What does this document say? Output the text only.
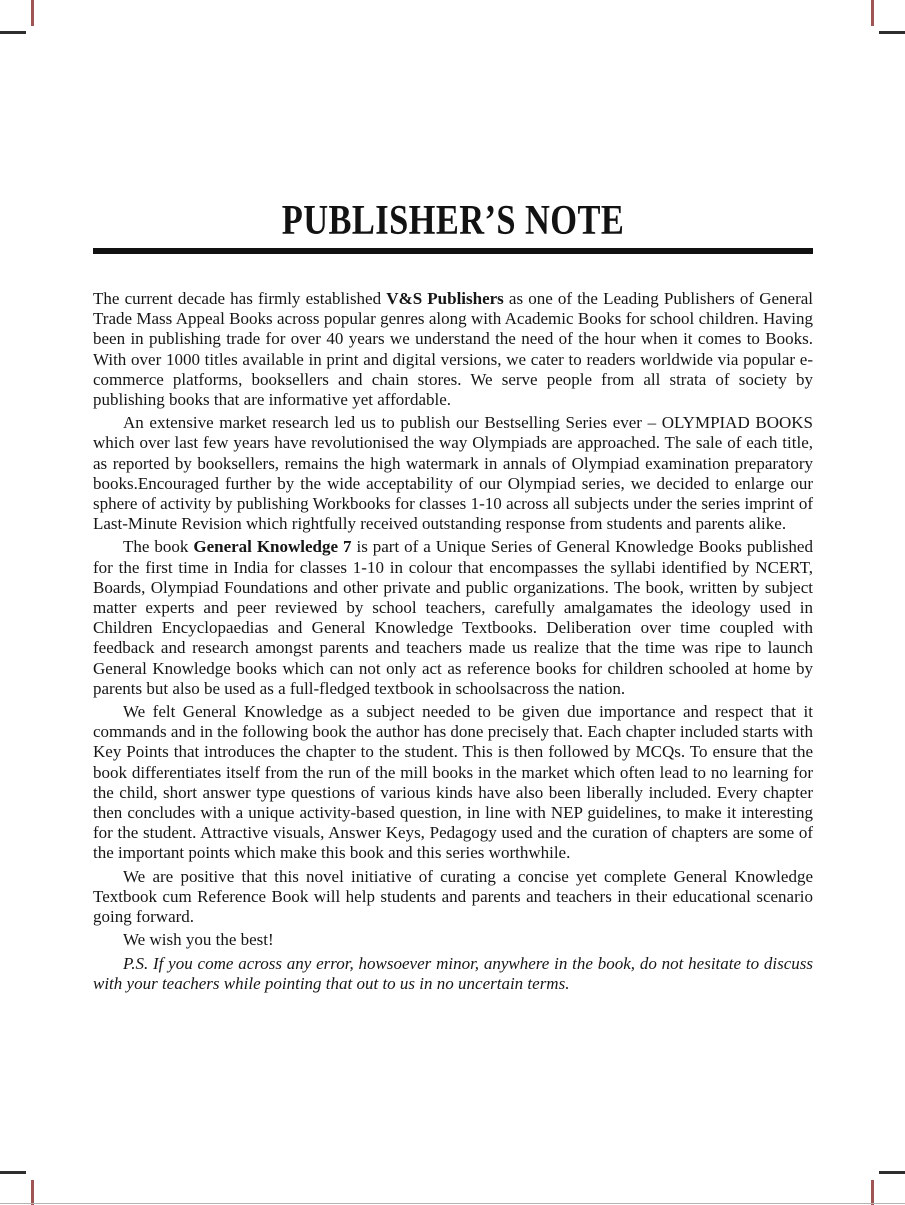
PUBLISHER’S NOTE

The current decade has firmly established V&S Publishers as one of the Leading Publishers of General Trade Mass Appeal Books across popular genres along with Academic Books for school children. Having been in publishing trade for over 40 years we understand the need of the hour when it comes to Books. With over 1000 titles available in print and digital versions, we cater to readers worldwide via popular e-commerce platforms, booksellers and chain stores. We serve people from all strata of society by publishing books that are informative yet affordable.

An extensive market research led us to publish our Bestselling Series ever – OLYMPIAD BOOKS which over last few years have revolutionised the way Olympiads are approached. The sale of each title, as reported by booksellers, remains the high watermark in annals of Olympiad examination preparatory books.Encouraged further by the wide acceptability of our Olympiad series, we decided to enlarge our sphere of activity by publishing Workbooks for classes 1-10 across all subjects under the series imprint of Last-Minute Revision which rightfully received outstanding response from students and parents alike.

The book General Knowledge 7 is part of a Unique Series of General Knowledge Books published for the first time in India for classes 1-10 in colour that encompasses the syllabi identified by NCERT, Boards, Olympiad Foundations and other private and public organizations. The book, written by subject matter experts and peer reviewed by school teachers, carefully amalgamates the ideology used in Children Encyclopaedias and General Knowledge Textbooks. Deliberation over time coupled with feedback and research amongst parents and teachers made us realize that the time was ripe to launch General Knowledge books which can not only act as reference books for children schooled at home by parents but also be used as a full-fledged textbook in schoolsacross the nation.

We felt General Knowledge as a subject needed to be given due importance and respect that it commands and in the following book the author has done precisely that. Each chapter included starts with Key Points that introduces the chapter to the student. This is then followed by MCQs. To ensure that the book differentiates itself from the run of the mill books in the market which often lead to no learning for the child, short answer type questions of various kinds have also been liberally included. Every chapter then concludes with a unique activity-based question, in line with NEP guidelines, to make it interesting for the student. Attractive visuals, Answer Keys, Pedagogy used and the curation of chapters are some of the important points which make this book and this series worthwhile.

We are positive that this novel initiative of curating a concise yet complete General Knowledge Textbook cum Reference Book will help students and parents and teachers in their educational scenario going forward.

We wish you the best!

P.S. If you come across any error, howsoever minor, anywhere in the book, do not hesitate to discuss with your teachers while pointing that out to us in no uncertain terms.
